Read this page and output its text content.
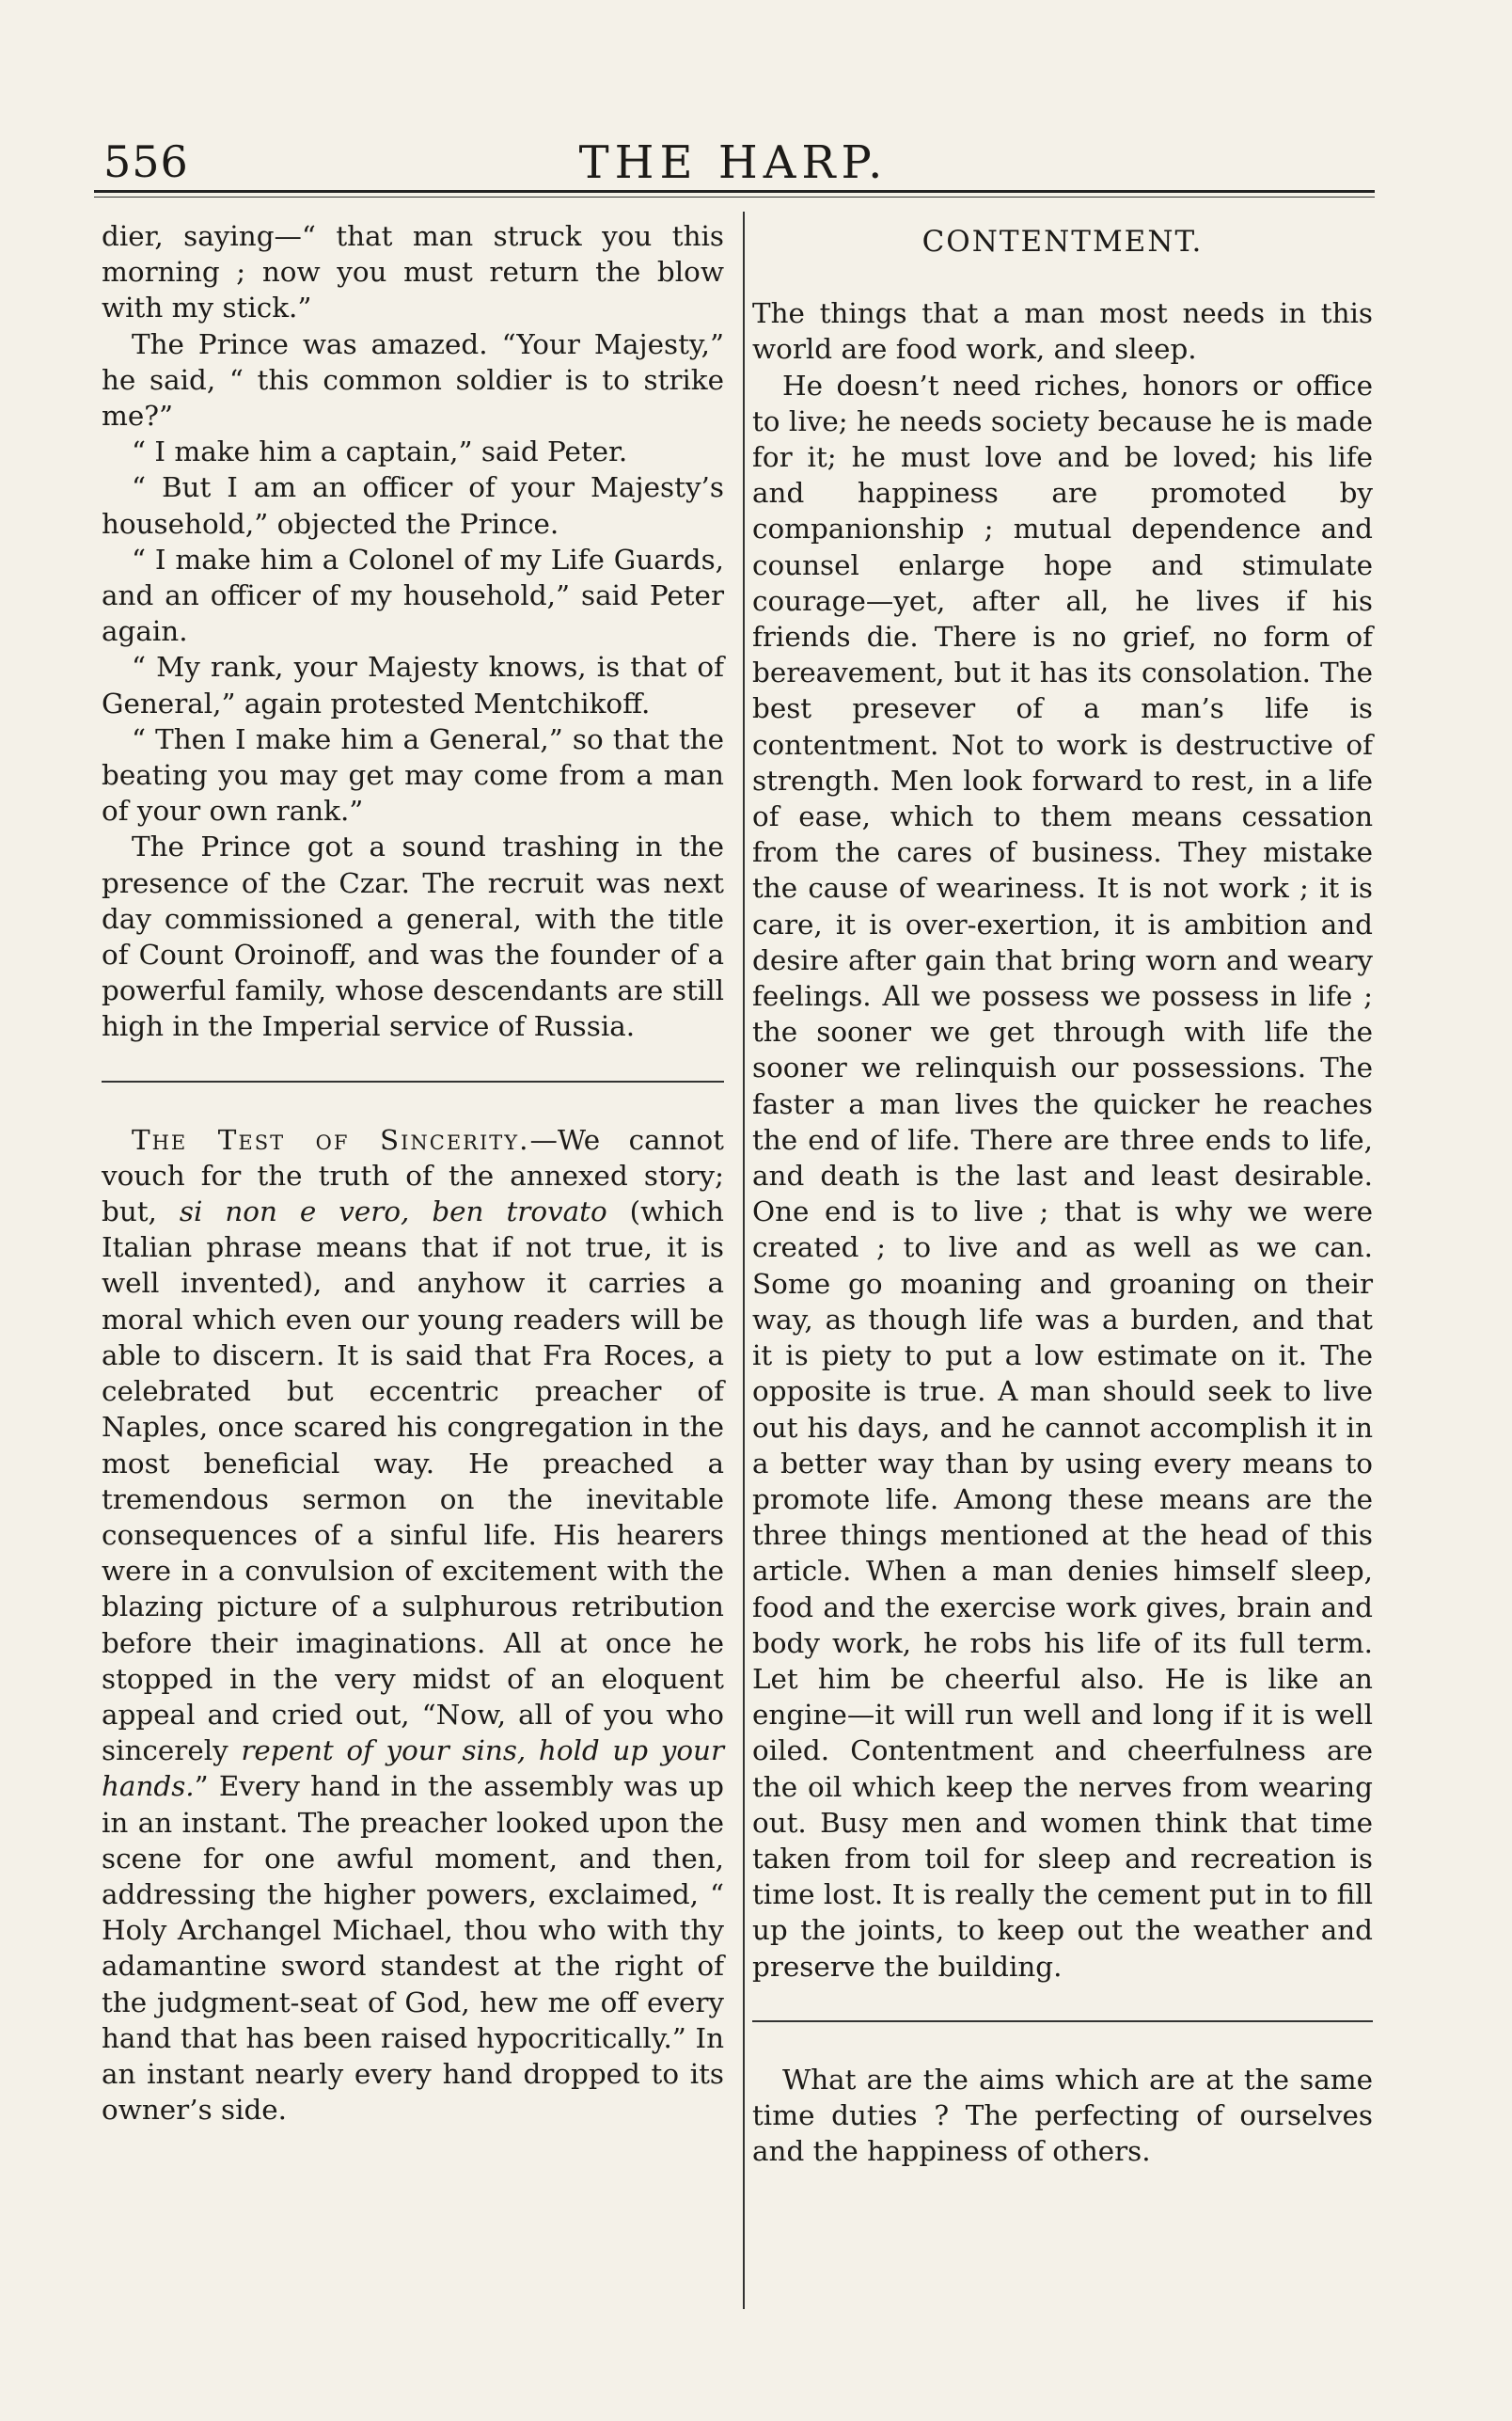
556	THE HARP.

dier, saying—“ that man struck you this morning ; now you must return the blow with my stick.”

The Prince was amazed. “Your Majesty,” he said, “ this common soldier is to strike me?”

“ I make him a captain,” said Peter.

“ But I am an officer of your Majesty’s household,” objected the Prince.

“ I make him a Colonel of my Life Guards, and an officer of my household,” said Peter again.

“ My rank, your Majesty knows, is that of General,” again protested Mentchikoff.

“ Then I make him a General,” so that the beating you may get may come from a man of your own rank.”

The Prince got a sound trashing in the presence of the Czar. The recruit was next day commissioned a general, with the title of Count Oroinoff, and was the founder of a powerful family, whose descendants are still high in the Imperial service of Russia.

The Test of Sincerity.—We cannot vouch for the truth of the annexed story; but, si non e vero, ben trovato (which Italian phrase means that if not true, it is well invented), and anyhow it carries a moral which even our young readers will be able to discern. It is said that Fra Roces, a celebrated but eccentric preacher of Naples, once scared his congregation in the most beneficial way. He preached a tremendous sermon on the inevitable consequences of a sinful life. His hearers were in a convulsion of excitement with the blazing picture of a sulphurous retribution before their imaginations. All at once he stopped in the very midst of an eloquent appeal and cried out, “Now, all of you who sincerely repent of your sins, hold up your hands.” Every hand in the assembly was up in an instant. The preacher looked upon the scene for one awful moment, and then, addressing the higher powers, exclaimed, “ Holy Archangel Michael, thou who with thy adamantine sword standest at the right of the judgment-seat of God, hew me off every hand that has been raised hypocritically.” In an instant nearly every hand dropped to its owner’s side.

CONTENTMENT.

The things that a man most needs in this world are food work, and sleep.

He doesn’t need riches, honors or office to live; he needs society because he is made for it; he must love and be loved; his life and happiness are promoted by companionship ; mutual dependence and counsel enlarge hope and stimulate courage—yet, after all, he lives if his friends die. There is no grief, no form of bereavement, but it has its consolation. The best presever of a man’s life is contentment. Not to work is destructive of strength. Men look forward to rest, in a life of ease, which to them means cessation from the cares of business. They mistake the cause of weariness. It is not work ; it is care, it is over-exertion, it is ambition and desire after gain that bring worn and weary feelings. All we possess we possess in life ; the sooner we get through with life the sooner we relinquish our possessions. The faster a man lives the quicker he reaches the end of life. There are three ends to life, and death is the last and least desirable. One end is to live ; that is why we were created ; to live and as well as we can. Some go moaning and groaning on their way, as though life was a burden, and that it is piety to put a low estimate on it. The opposite is true. A man should seek to live out his days, and he cannot accomplish it in a better way than by using every means to promote life. Among these means are the three things mentioned at the head of this article. When a man denies himself sleep, food and the exercise work gives, brain and body work, he robs his life of its full term. Let him be cheerful also. He is like an engine—it will run well and long if it is well oiled. Contentment and cheerfulness are the oil which keep the nerves from wearing out. Busy men and women think that time taken from toil for sleep and recreation is time lost. It is really the cement put in to fill up the joints, to keep out the weather and preserve the building.

What are the aims which are at the same time duties ? The perfecting of ourselves and the happiness of others.
